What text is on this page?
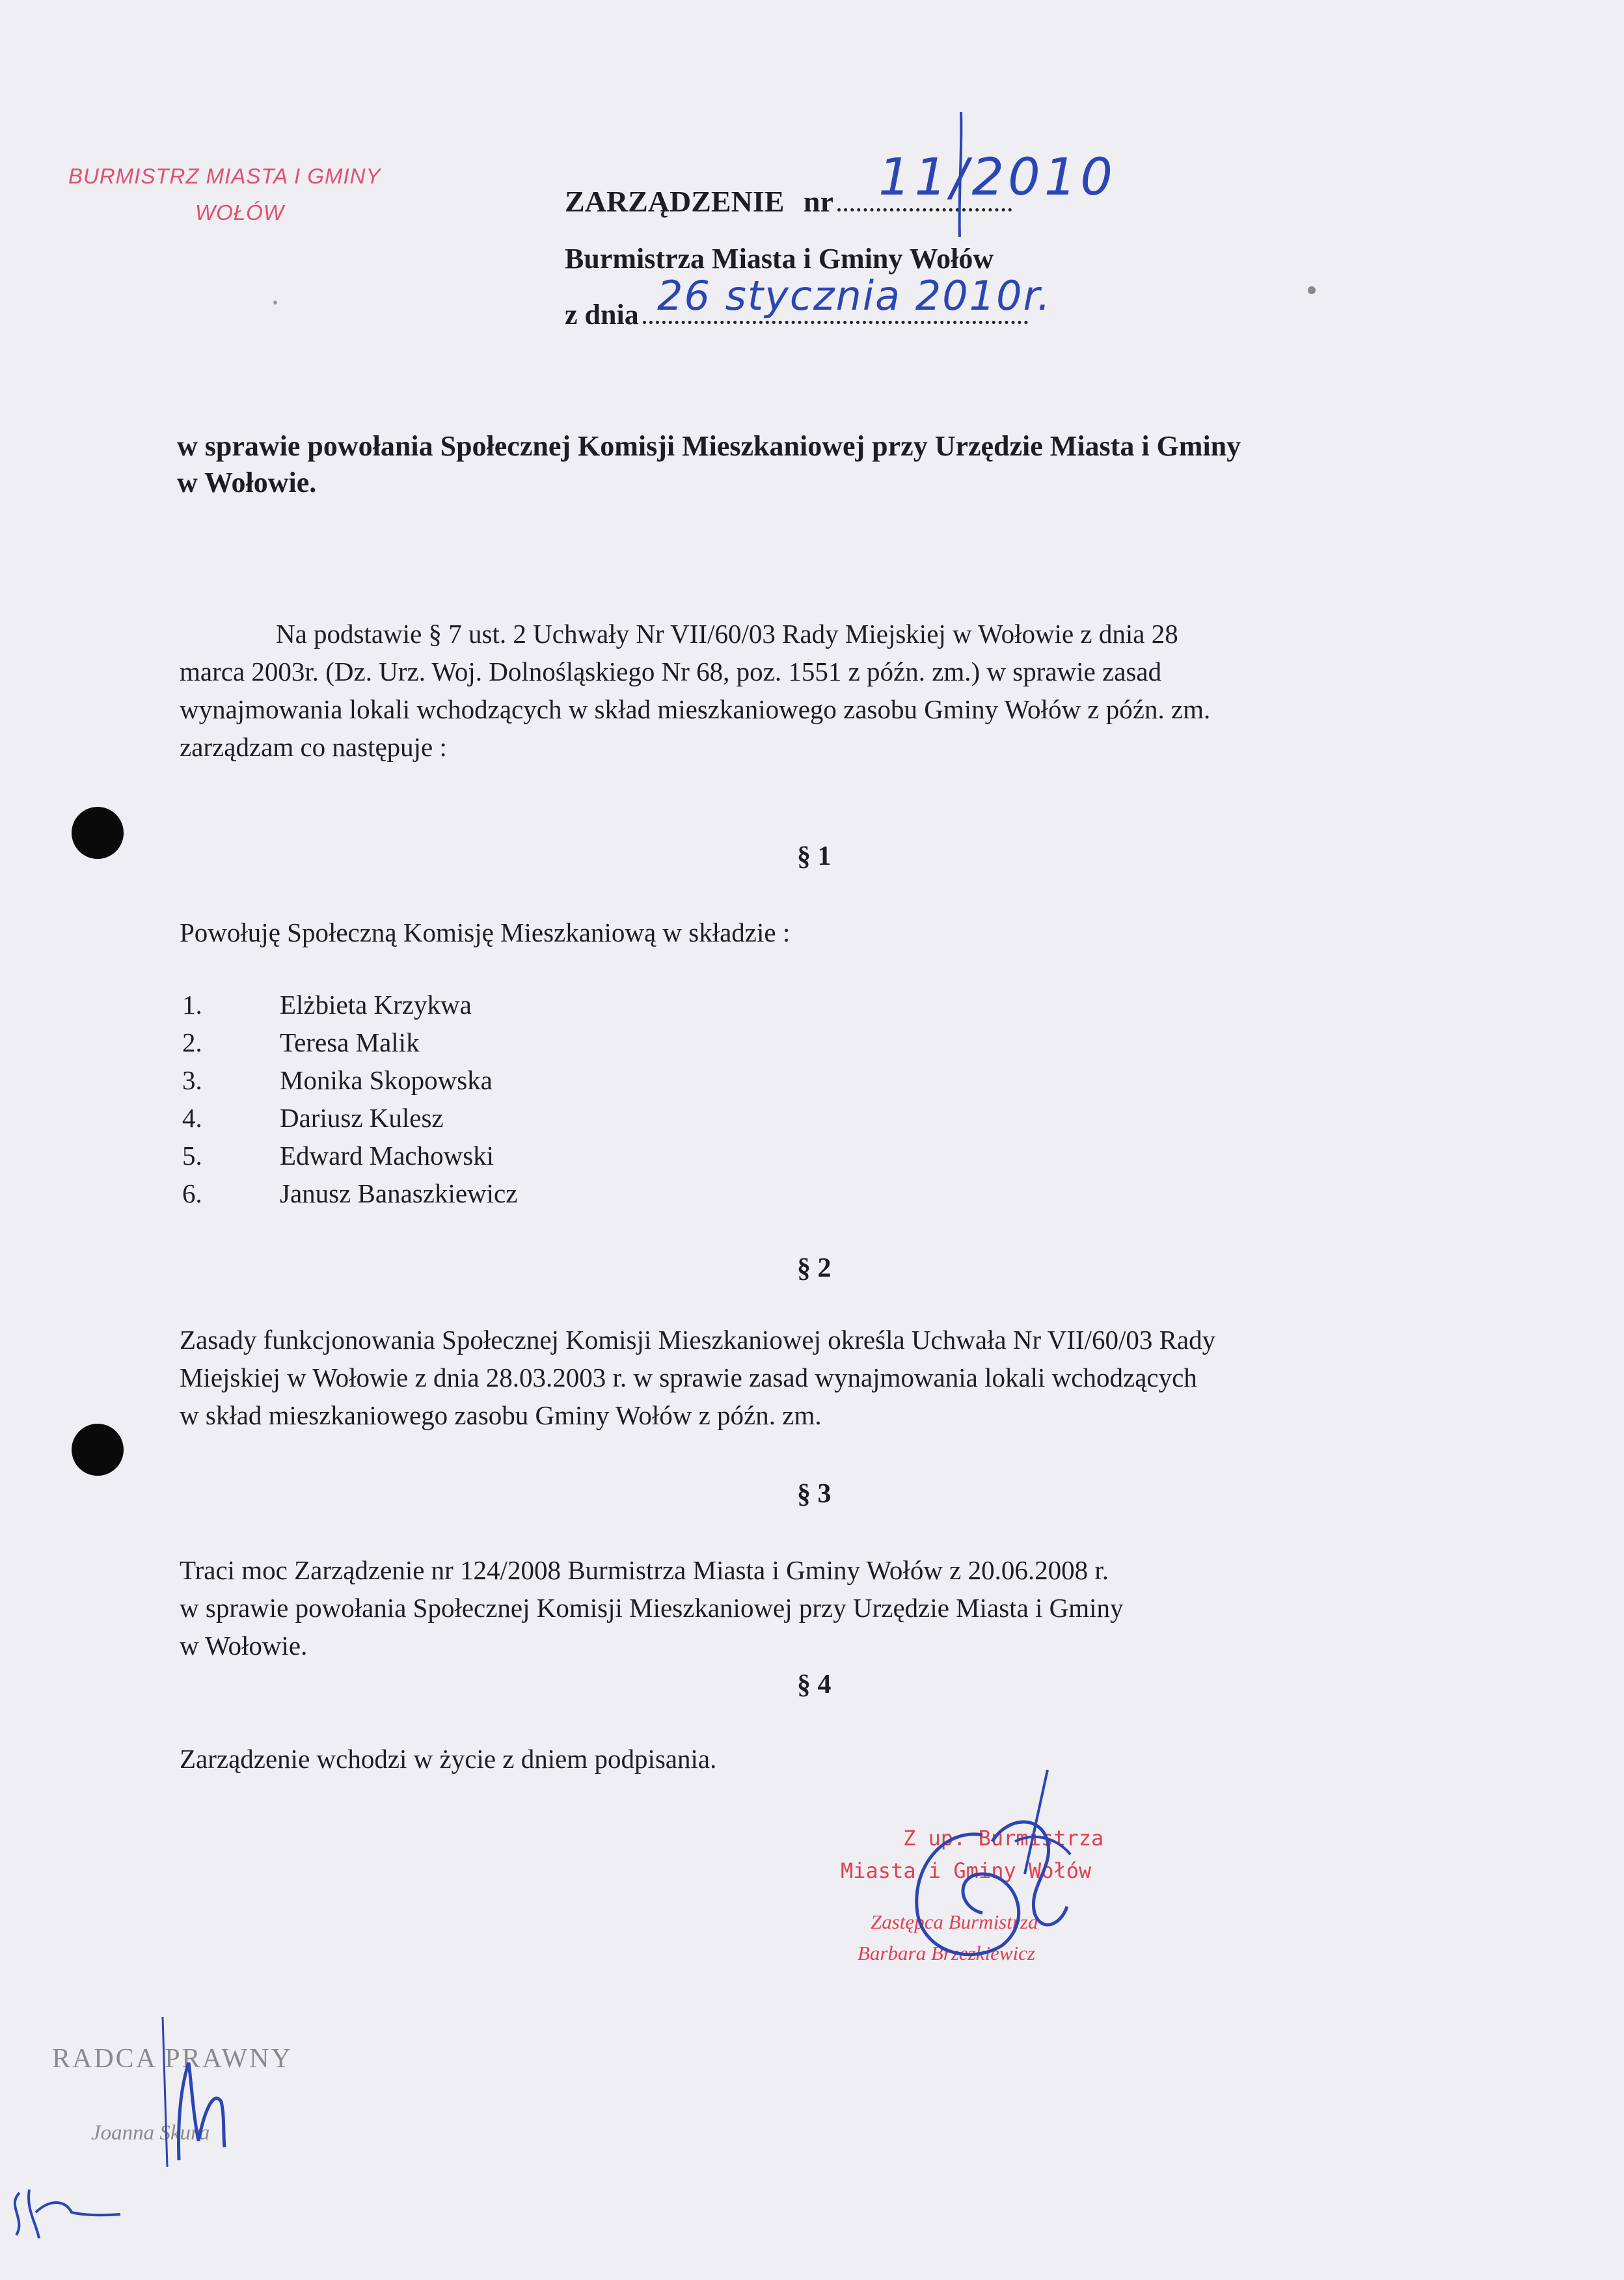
BURMISTRZ MIASTA I GMINY
WOŁÓW	ZARZĄDZENIE nr 11/2010
Burmistrza Miasta i Gminy Wołów
z dnia 26 stycznia 2010r.
w sprawie powołania Społecznej Komisji Mieszkaniowej przy Urzędzie Miasta i Gminy
w Wołowie.
Na podstawie § 7 ust. 2 Uchwały Nr VII/60/03 Rady Miejskiej w Wołowie z dnia 28
marca 2003r. (Dz. Urz. Woj. Dolnośląskiego Nr 68, poz. 1551 z późn. zm.) w sprawie zasad
wynajmowania lokali wchodzących w skład mieszkaniowego zasobu Gminy Wołów z późn. zm.
zarządzam co następuje :
§ 1
Powołuję Społeczną Komisję Mieszkaniową w składzie :
1.	Elżbieta Krzykwa
2.	Teresa Malik
3.	Monika Skopowska
4.	Dariusz Kulesz
5.	Edward Machowski
6.	Janusz Banaszkiewicz
§ 2
Zasady funkcjonowania Społecznej Komisji Mieszkaniowej określa Uchwała Nr VII/60/03 Rady
Miejskiej w Wołowie z dnia 28.03.2003 r. w sprawie zasad wynajmowania lokali wchodzących
w skład mieszkaniowego zasobu Gminy Wołów z późn. zm.
§ 3
Traci moc Zarządzenie nr 124/2008 Burmistrza Miasta i Gminy Wołów z 20.06.2008 r.
w sprawie powołania Społecznej Komisji Mieszkaniowej przy Urzędzie Miasta i Gminy
w Wołowie.
§ 4
Zarządzenie wchodzi w życie z dniem podpisania.
Z up. Burmistrza
Miasta i Gminy Wołów
Zastępca Burmistrza
Barbara Brzezkiewicz
RADCA PRAWNY
Joanna Skura
